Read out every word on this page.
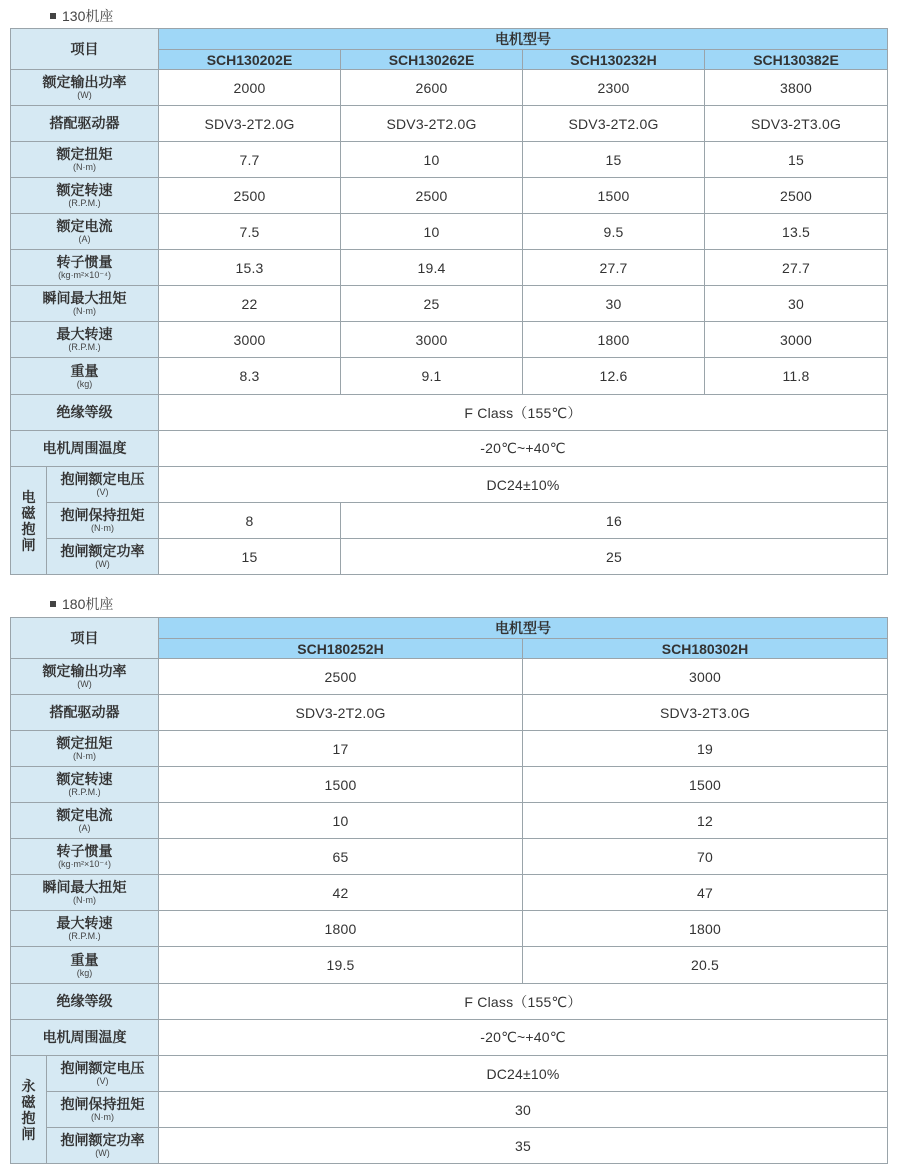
130机座
项目		电机型号			
		SCH130202E	SCH130262E	SCH130232H	SCH130382E
额定输出功率
(W)		2000	2600	2300	3800
搭配驱动器		SDV3-2T2.0G	SDV3-2T2.0G	SDV3-2T2.0G	SDV3-2T3.0G
额定扭矩
(N·m)		7.7	10	15	15
额定转速
(R.P.M.)		2500	2500	1500	2500
额定电流
(A)		7.5	10	9.5	13.5
转子惯量
(kg·m²×10⁻⁴)		15.3	19.4	27.7	27.7
瞬间最大扭矩
(N·m)		22	25	30	30
最大转速
(R.P.M.)		3000	3000	1800	3000
重量
(kg)		8.3	9.1	12.6	11.8
绝缘等级		F Class（155℃）			
电机周围温度		-20℃~+40℃			

电磁抱闸	抱闸额定电压
(V)	DC24±10%			
	抱闸保持扭矩
(N·m)	8	16		
	抱闸额定功率
(W)	15	25		
180机座
项目		电机型号	
		SCH180252H	SCH180302H
额定输出功率
(W)		2500	3000
搭配驱动器		SDV3-2T2.0G	SDV3-2T3.0G
额定扭矩
(N·m)		17	19
额定转速
(R.P.M.)		1500	1500
额定电流
(A)		10	12
转子惯量
(kg·m²×10⁻⁴)		65	70
瞬间最大扭矩
(N·m)		42	47
最大转速
(R.P.M.)		1800	1800
重量
(kg)		19.5	20.5
绝缘等级		F Class（155℃）	
电机周围温度		-20℃~+40℃	

永磁抱闸	抱闸额定电压
(V)	DC24±10%	
	抱闸保持扭矩
(N·m)	30	
	抱闸额定功率
(W)	35	
